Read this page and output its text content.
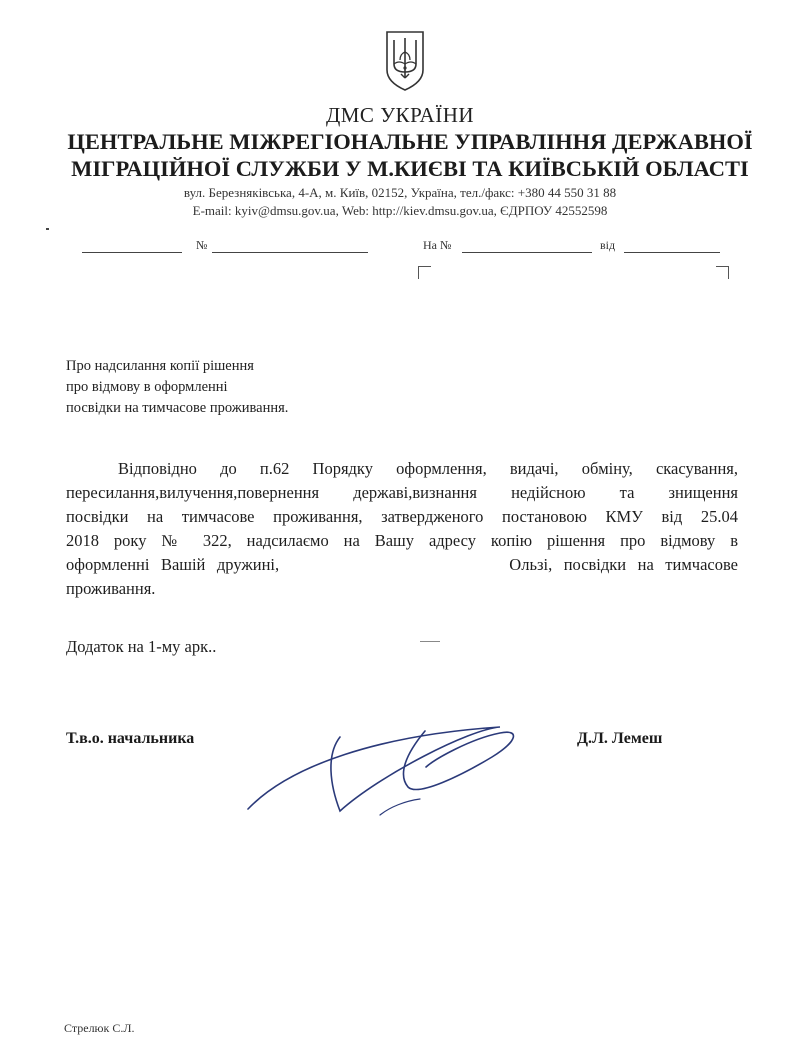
ДМС УКРАЇНИ
ЦЕНТРАЛЬНЕ МІЖРЕГІОНАЛЬНЕ УПРАВЛІННЯ ДЕРЖАВНОЇ
МІГРАЦІЙНОЇ СЛУЖБИ У М.КИЄВІ ТА КИЇВСЬКІЙ ОБЛАСТІ
вул. Березняківська, 4-А, м. Київ, 02152, Україна, тел./факс: +380 44 550 31 88
E-mail: kyiv@dmsu.gov.ua, Web: http://kiev.dmsu.gov.ua, ЄДРПОУ 42552598
№	На №	від
Про надсилання копії рішення
про відмову в оформленні
посвідки на тимчасове проживання.
Відповідно до п.62 Порядку оформлення, видачі, обміну, скасування,
пересилання,вилучення,повернення державі,визнання недійсною та знищення
посвідки на тимчасове проживання, затвердженого постановою КМУ від 25.04
2018 року № 322, надсилаємо на Вашу адресу копію рішення про відмову в
оформленні Вашій дружині,                    Ользі, посвідки на тимчасове
проживання.
Додаток на 1-му арк..
Т.в.о. начальника	Д.Л. Лемеш
Стрелюк С.Л.
